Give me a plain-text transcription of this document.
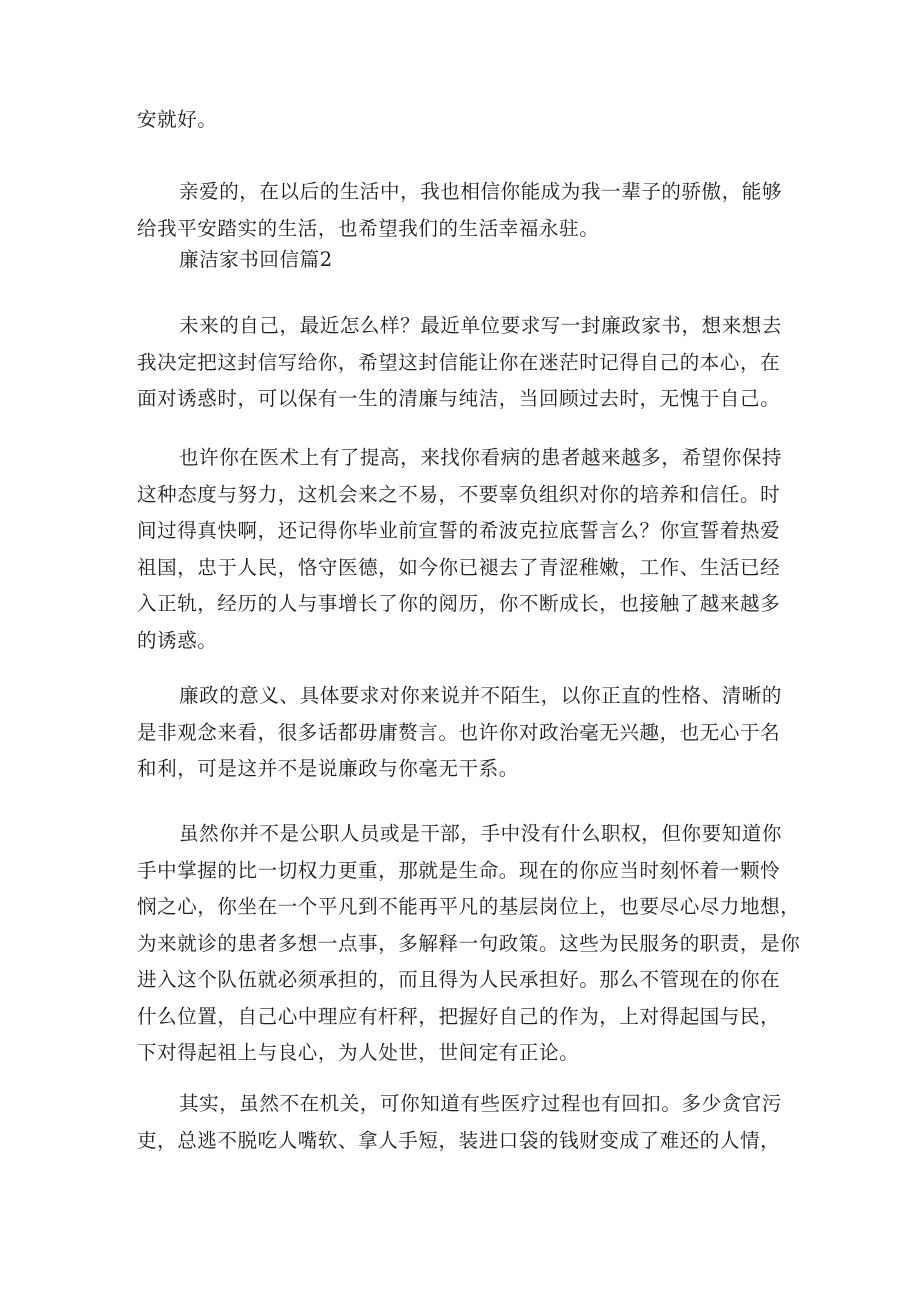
安就好。
亲爱的，在以后的生活中，我也相信你能成为我一辈子的骄傲，能够
给我平安踏实的生活，也希望我们的生活幸福永驻。
廉洁家书回信篇2
未来的自己，最近怎么样？最近单位要求写一封廉政家书，想来想去
我决定把这封信写给你，希望这封信能让你在迷茫时记得自己的本心，在
面对诱惑时，可以保有一生的清廉与纯洁，当回顾过去时，无愧于自己。
也许你在医术上有了提高，来找你看病的患者越来越多，希望你保持
这种态度与努力，这机会来之不易，不要辜负组织对你的培养和信任。时
间过得真快啊，还记得你毕业前宣誓的希波克拉底誓言么？你宣誓着热爱
祖国，忠于人民，恪守医德，如今你已褪去了青涩稚嫩，工作、生活已经
入正轨，经历的人与事增长了你的阅历，你不断成长，也接触了越来越多
的诱惑。
廉政的意义、具体要求对你来说并不陌生，以你正直的性格、清晰的
是非观念来看，很多话都毋庸赘言。也许你对政治毫无兴趣，也无心于名
和利，可是这并不是说廉政与你毫无干系。
虽然你并不是公职人员或是干部，手中没有什么职权，但你要知道你
手中掌握的比一切权力更重，那就是生命。现在的你应当时刻怀着一颗怜
悯之心，你坐在一个平凡到不能再平凡的基层岗位上，也要尽心尽力地想，
为来就诊的患者多想一点事，多解释一句政策。这些为民服务的职责，是你
进入这个队伍就必须承担的，而且得为人民承担好。那么不管现在的你在
什么位置，自己心中理应有杆秤，把握好自己的作为，上对得起国与民，
下对得起祖上与良心，为人处世，世间定有正论。
其实，虽然不在机关，可你知道有些医疗过程也有回扣。多少贪官污
吏，总逃不脱吃人嘴软、拿人手短，装进口袋的钱财变成了难还的人情，
